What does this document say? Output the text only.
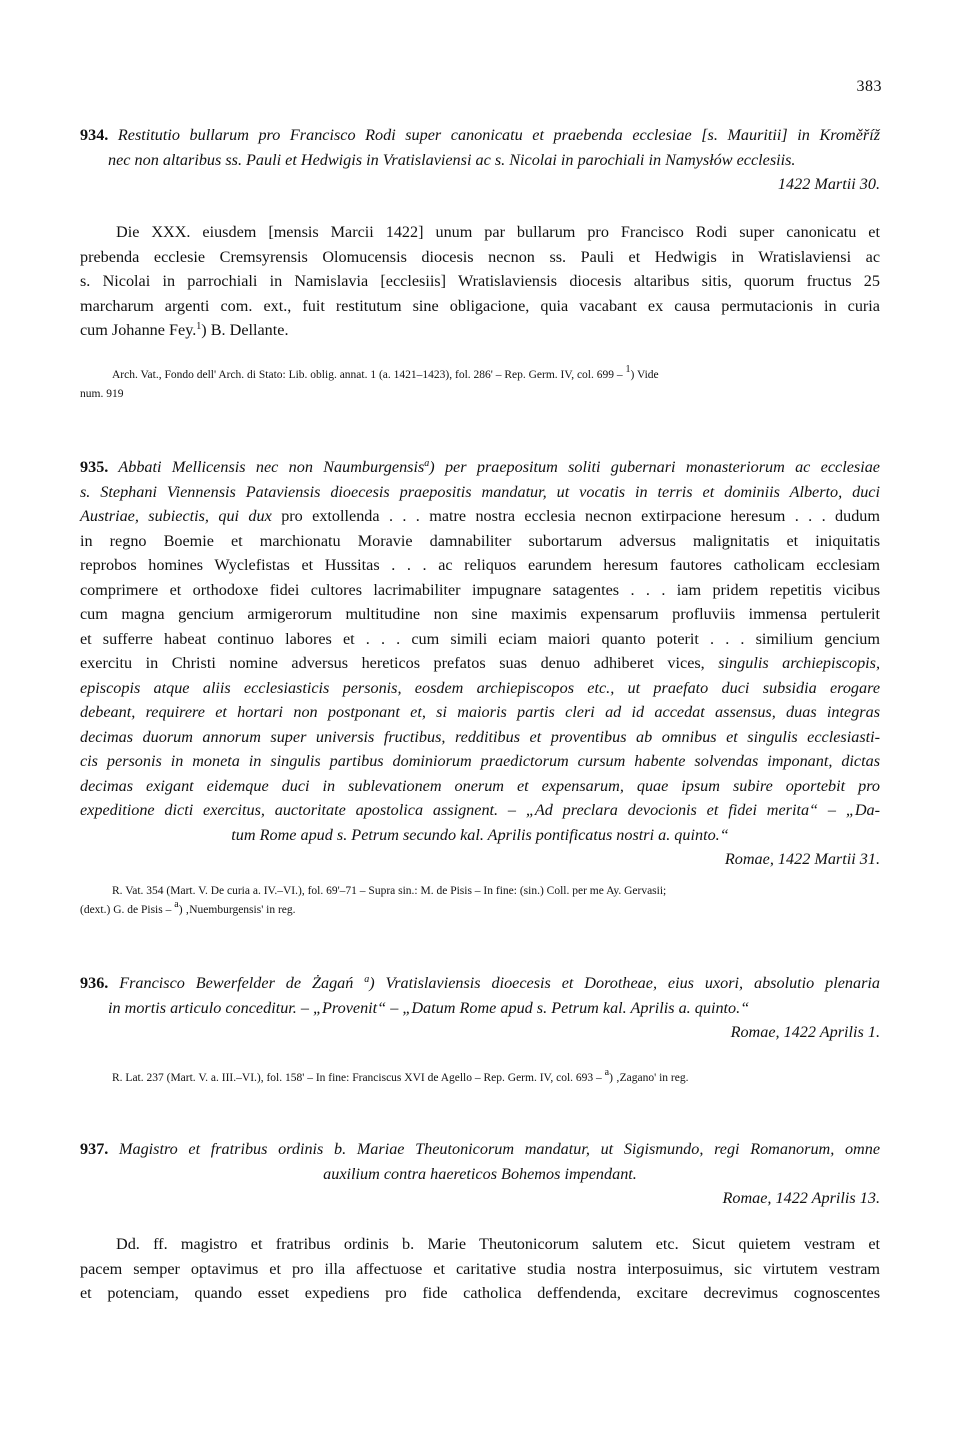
383
934. Restitutio bullarum pro Francisco Rodi super canonicatu et praebenda ecclesiae [s. Mauritii] in Kroměříž
nec non altaribus ss. Pauli et Hedwigis in Vratislaviensi ac s. Nicolai in parochiali in Namysłów ecclesiis.
1422 Martii 30.
Die XXX. eiusdem [mensis Marcii 1422] unum par bullarum pro Francisco Rodi super canonicatu et
prebenda ecclesie Cremsyrensis Olomucensis diocesis necnon ss. Pauli et Hedwigis in Wratislaviensi ac
s. Nicolai in parrochiali in Namislavia [ecclesiis] Wratislaviensis diocesis altaribus sitis, quorum fructus 25
marcharum argenti com. ext., fuit restitutum sine obligacione, quia vacabant ex causa permutacionis in curia
cum Johanne Fey.$^1$) B. Dellante.
Arch. Vat., Fondo dell' Arch. di Stato: Lib. oblig. annat. 1 (a. 1421–1423), fol. 286' – Rep. Germ. IV, col. 699 – $^1$) Vide
num. 919
935. Abbati Mellicensis nec non Naumburgensis$^a$) per praepositum soliti gubernari monasteriorum ac ecclesiae
s. Stephani Viennensis Pataviensis dioecesis praepositis mandatur, ut vocatis in terris et dominiis Alberto, duci
Austriae, subiectis, qui dux pro extollenda . . . matre nostra ecclesia necnon extirpacione heresum . . . dudum
in regno Boemie et marchionatu Moravie damnabiliter subortarum adversus malignitatis et iniquitatis
reprobos homines Wyclefistas et Hussitas . . . ac reliquos earundem heresum fautores catholicam ecclesiam
comprimere et orthodoxe fidei cultores lacrimabiliter impugnare satagentes . . . iam pridem repetitis vicibus
cum magna gencium armigerorum multitudine non sine maximis expensarum profluviis immensa pertulerit
et sufferre habeat continuo labores et . . . cum simili eciam maiori quanto poterit . . . similium gencium
exercitu in Christi nomine adversus hereticos prefatos suas denuo adhiberet vices, singulis archiepiscopis,
episcopis atque aliis ecclesiasticis personis, eosdem archiepiscopos etc., ut praefato duci subsidia erogare
debeant, requirere et hortari non postponant et, si maioris partis cleri ad id accedat assensus, duas integras
decimas duorum annorum super universis fructibus, redditibus et proventibus ab omnibus et singulis ecclesiasti-
cis personis in moneta in singulis partibus dominiorum praedictorum cursum habente solvendas imponant, dictas
decimas exigant eidemque duci in sublevationem onerum et expensarum, quae ipsum subire oportebit pro
expeditione dicti exercitus, auctoritate apostolica assignent. – „Ad preclara devocionis et fidei merita“ – „Da-
tum Rome apud s. Petrum secundo kal. Aprilis pontificatus nostri a. quinto.“
Romae, 1422 Martii 31.
R. Vat. 354 (Mart. V. De curia a. IV.–VI.), fol. 69'–71 – Supra sin.: M. de Pisis – In fine: (sin.) Coll. per me Ay. Gervasii;
(dext.) G. de Pisis – $^a$) ‚Nuemburgensis' in reg.
936. Francisco Bewerfelder de Żagań $^a$) Vratislaviensis dioecesis et Dorotheae, eius uxori, absolutio plenaria
in mortis articulo conceditur. – „Provenit“ – „Datum Rome apud s. Petrum kal. Aprilis a. quinto.“
Romae, 1422 Aprilis 1.
R. Lat. 237 (Mart. V. a. III.–VI.), fol. 158' – In fine: Franciscus XVI de Agello – Rep. Germ. IV, col. 693 – $^a$) ‚Zagano' in reg.
937. Magistro et fratribus ordinis b. Mariae Theutonicorum mandatur, ut Sigismundo, regi Romanorum, omne
auxilium contra haereticos Bohemos impendant.
Romae, 1422 Aprilis 13.
Dd. ff. magistro et fratribus ordinis b. Marie Theutonicorum salutem etc. Sicut quietem vestram et
pacem semper optavimus et pro illa affectuose et caritative studia nostra interposuimus, sic virtutem vestram
et potenciam, quando esset expediens pro fide catholica deffendenda, excitare decrevimus cognoscentes
